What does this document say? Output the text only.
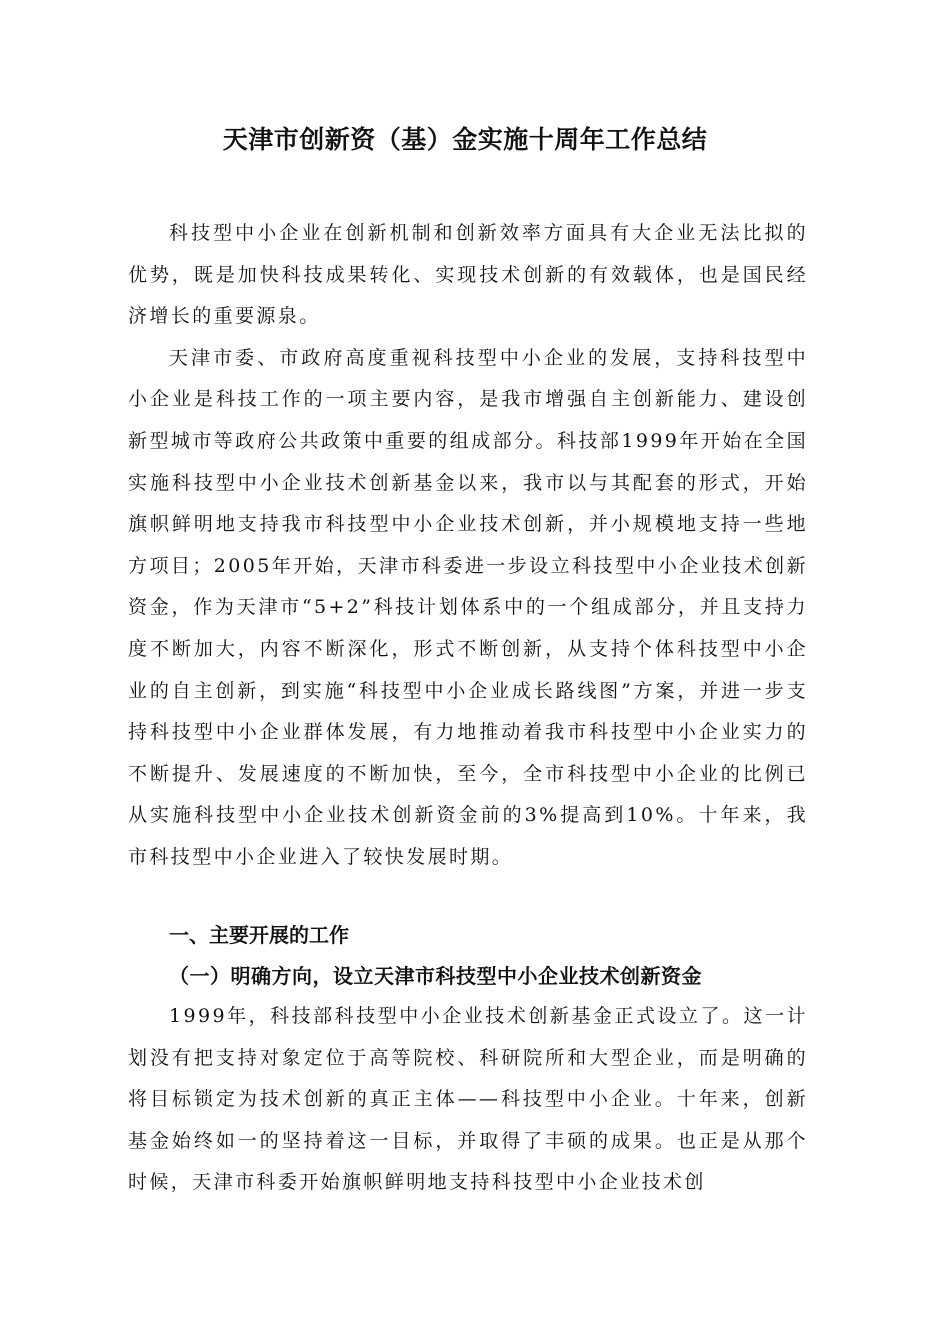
天津市创新资（基）金实施十周年工作总结

科技型中小企业在创新机制和创新效率方面具有大企业无法比拟的优势，既是加快科技成果转化、实现技术创新的有效载体，也是国民经济增长的重要源泉。

天津市委、市政府高度重视科技型中小企业的发展，支持科技型中小企业是科技工作的一项主要内容，是我市增强自主创新能力、建设创新型城市等政府公共政策中重要的组成部分。科技部1999年开始在全国实施科技型中小企业技术创新基金以来，我市以与其配套的形式，开始旗帜鲜明地支持我市科技型中小企业技术创新，并小规模地支持一些地方项目；2005年开始，天津市科委进一步设立科技型中小企业技术创新资金，作为天津市“5+2”科技计划体系中的一个组成部分，并且支持力度不断加大，内容不断深化，形式不断创新，从支持个体科技型中小企业的自主创新，到实施“科技型中小企业成长路线图”方案，并进一步支持科技型中小企业群体发展，有力地推动着我市科技型中小企业实力的不断提升、发展速度的不断加快，至今，全市科技型中小企业的比例已从实施科技型中小企业技术创新资金前的3%提高到10%。十年来，我市科技型中小企业进入了较快发展时期。

一、主要开展的工作
（一）明确方向，设立天津市科技型中小企业技术创新资金

1999年，科技部科技型中小企业技术创新基金正式设立了。这一计划没有把支持对象定位于高等院校、科研院所和大型企业，而是明确的将目标锁定为技术创新的真正主体——科技型中小企业。十年来，创新基金始终如一的坚持着这一目标，并取得了丰硕的成果。也正是从那个时候，天津市科委开始旗帜鲜明地支持科技型中小企业技术创
